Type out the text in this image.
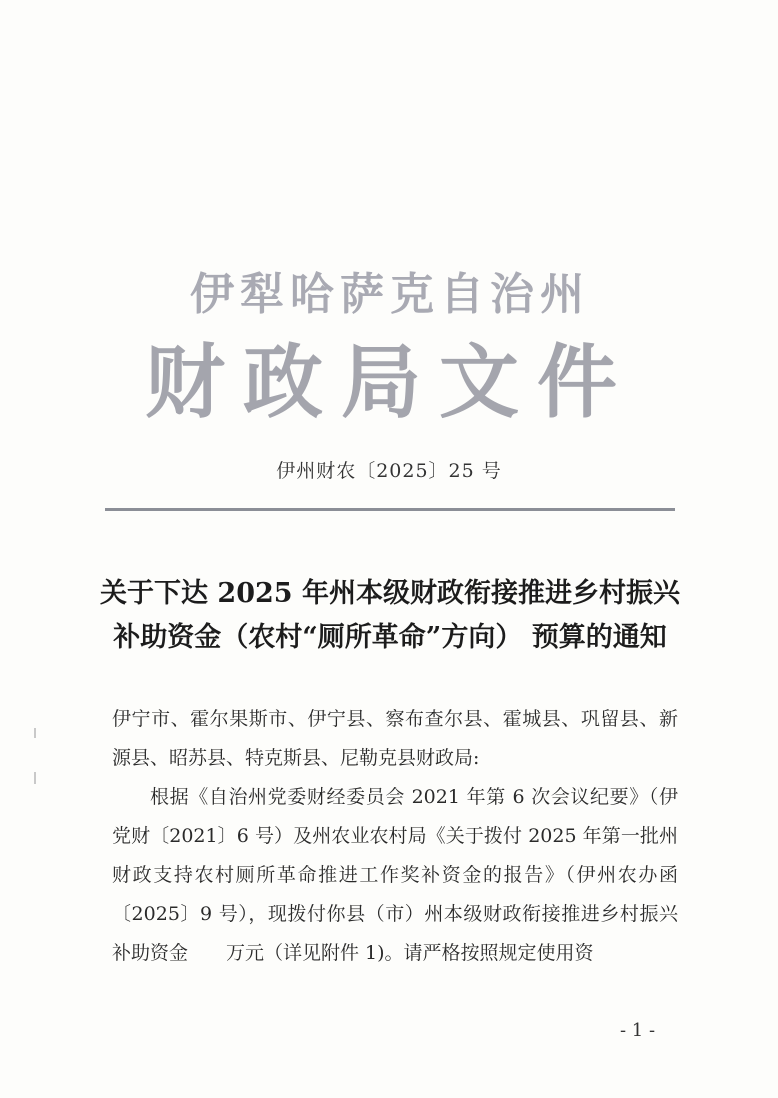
伊犁哈萨克自治州
财政局文件
伊州财农〔2025〕25 号
关于下达 2025 年州本级财政衔接推进乡村振兴
补助资金（农村“厕所革命”方向） 预算的通知

伊宁市、霍尔果斯市、伊宁县、察布查尔县、霍城县、巩留县、新源县、昭苏县、特克斯县、尼勒克县财政局:

根据《自治州党委财经委员会 2021 年第 6 次会议纪要》（伊党财〔2021〕6 号）及州农业农村局《关于拨付 2025 年第一批州财政支持农村厕所革命推进工作奖补资金的报告》（伊州农办函〔2025〕9 号），现拨付你县（市）州本级财政衔接推进乡村振兴补助资金　　万元（详见附件 1)。请严格按照规定使用资

- 1 -
